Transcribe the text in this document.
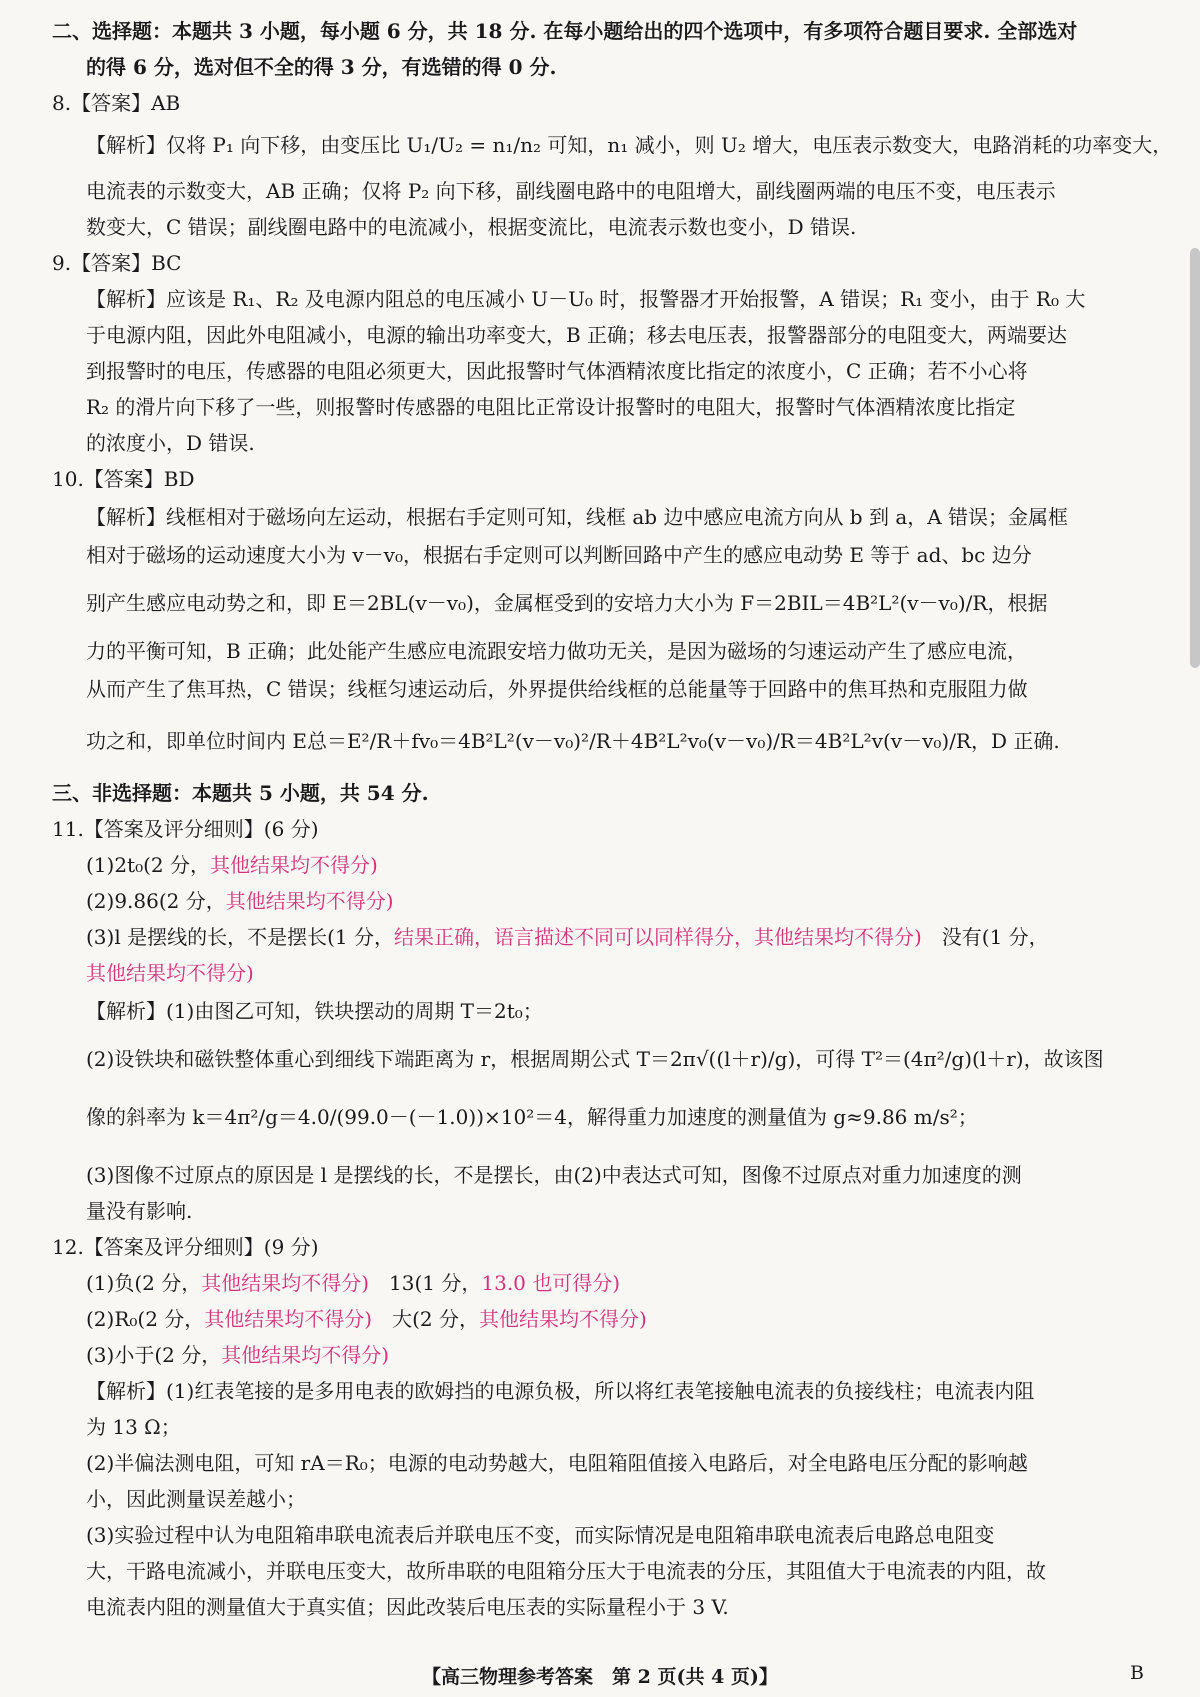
二、选择题：本题共 3 小题，每小题 6 分，共 18 分. 在每小题给出的四个选项中，有多项符合题目要求. 全部选对
的得 6 分，选对但不全的得 3 分，有选错的得 0 分.
8.【答案】AB
【解析】仅将 P₁ 向下移，由变压比 U₁/U₂ = n₁/n₂ 可知，n₁ 减小，则 U₂ 增大，电压表示数变大，电路消耗的功率变大，
电流表的示数变大，AB 正确；仅将 P₂ 向下移，副线圈电路中的电阻增大，副线圈两端的电压不变，电压表示
数变大，C 错误；副线圈电路中的电流减小，根据变流比，电流表示数也变小，D 错误.
9.【答案】BC
【解析】应该是 R₁、R₂ 及电源内阻总的电压减小 U－U₀ 时，报警器才开始报警，A 错误；R₁ 变小，由于 R₀ 大
于电源内阻，因此外电阻减小，电源的输出功率变大，B 正确；移去电压表，报警器部分的电阻变大，两端要达
到报警时的电压，传感器的电阻必须更大，因此报警时气体酒精浓度比指定的浓度小，C 正确；若不小心将
R₂ 的滑片向下移了一些，则报警时传感器的电阻比正常设计报警时的电阻大，报警时气体酒精浓度比指定
的浓度小，D 错误.
10.【答案】BD
【解析】线框相对于磁场向左运动，根据右手定则可知，线框 ab 边中感应电流方向从 b 到 a，A 错误；金属框
相对于磁场的运动速度大小为 v－v₀，根据右手定则可以判断回路中产生的感应电动势 E 等于 ad、bc 边分
别产生感应电动势之和，即 E＝2BL(v－v₀)，金属框受到的安培力大小为 F＝2BIL＝4B²L²(v－v₀)/R，根据
力的平衡可知，B 正确；此处能产生感应电流跟安培力做功无关，是因为磁场的匀速运动产生了感应电流，
从而产生了焦耳热，C 错误；线框匀速运动后，外界提供给线框的总能量等于回路中的焦耳热和克服阻力做
功之和，即单位时间内 E总＝E²/R＋fv₀＝4B²L²(v－v₀)²/R＋4B²L²v₀(v－v₀)/R＝4B²L²v(v－v₀)/R，D 正确.
三、非选择题：本题共 5 小题，共 54 分.
11.【答案及评分细则】(6 分)
(1)2t₀(2 分，其他结果均不得分)
(2)9.86(2 分，其他结果均不得分)
(3)l 是摆线的长，不是摆长(1 分，结果正确，语言描述不同可以同样得分，其他结果均不得分)　 没有(1 分，
其他结果均不得分)
【解析】(1)由图乙可知，铁块摆动的周期 T＝2t₀；
(2)设铁块和磁铁整体重心到细线下端距离为 r，根据周期公式 T＝2π√((l＋r)/g)，可得 T²＝(4π²/g)(l＋r)，故该图
像的斜率为 k＝4π²/g＝4.0/(99.0－(－1.0))×10²＝4，解得重力加速度的测量值为 g≈9.86 m/s²；
(3)图像不过原点的原因是 l 是摆线的长，不是摆长，由(2)中表达式可知，图像不过原点对重力加速度的测
量没有影响.
12.【答案及评分细则】(9 分)
(1)负(2 分，其他结果均不得分)　 13(1 分，13.0 也可得分)
(2)R₀(2 分，其他结果均不得分)　 大(2 分，其他结果均不得分)
(3)小于(2 分，其他结果均不得分)
【解析】(1)红表笔接的是多用电表的欧姆挡的电源负极，所以将红表笔接触电流表的负接线柱；电流表内阻
为 13 Ω；
(2)半偏法测电阻，可知 rA＝R₀；电源的电动势越大，电阻箱阻值接入电路后，对全电路电压分配的影响越
小，因此测量误差越小；
(3)实验过程中认为电阻箱串联电流表后并联电压不变，而实际情况是电阻箱串联电流表后电路总电阻变
大，干路电流减小，并联电压变大，故所串联的电阻箱分压大于电流表的分压，其阻值大于电流表的内阻，故
电流表内阻的测量值大于真实值；因此改装后电压表的实际量程小于 3 V.
【高三物理参考答案　第 2 页(共 4 页)】	B
